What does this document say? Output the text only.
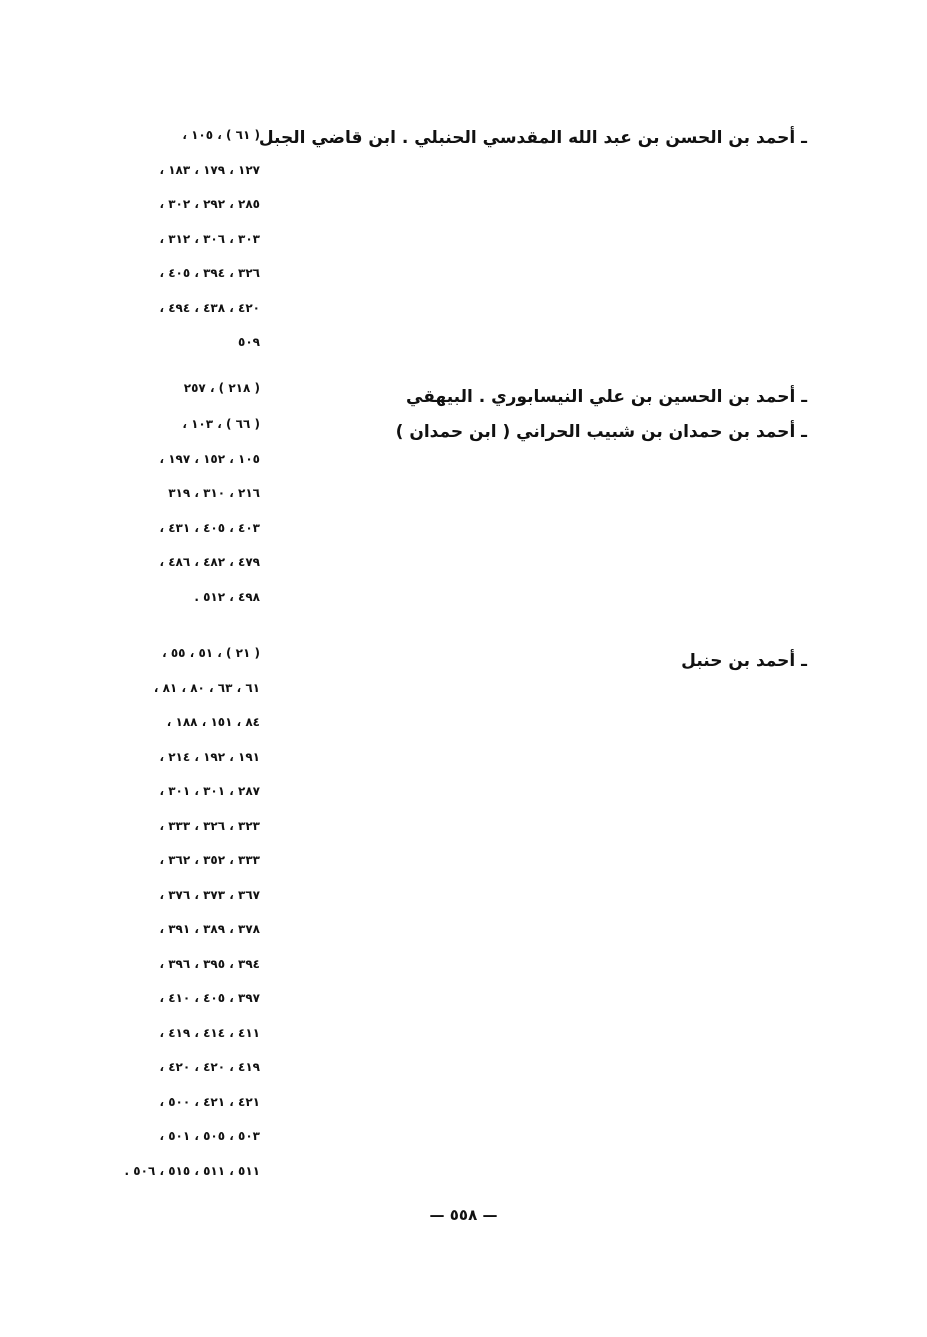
ـ أحمد بن الحسن بن عبد الله المقدسي الحنبلي . ابن قاضي الجبل
( ٦١ ) ، ١٠٥ ،
١٢٧ ، ١٧٩ ، ١٨٣ ،
٢٨٥ ، ٢٩٢ ، ٣٠٢ ،
٣٠٣ ، ٣٠٦ ، ٣١٢ ،
٣٢٦ ، ٣٩٤ ، ٤٠٥ ،
٤٢٠ ، ٤٣٨ ، ٤٩٤ ،
٥٠٩
ـ أحمد بن الحسين بن علي النيسابوري . البيهقي
( ٢١٨ ) ، ٢٥٧
ـ أحمد بن حمدان بن شبيب الحراني ( ابن حمدان )
( ٦٦ ) ، ١٠٣ ،
١٠٥ ، ١٥٢ ، ١٩٧ ،
٢١٦ ، ٣١٠ ، ٣١٩
٤٠٣ ، ٤٠٥ ، ٤٣١ ،
٤٧٩ ، ٤٨٢ ، ٤٨٦ ،
٤٩٨ ، ٥١٢ .
ـ أحمد بن حنبل
( ٢١ ) ، ٥١ ، ٥٥ ،
٦١ ، ٦٣ ، ٨٠ ، ٨١ ،
٨٤ ، ١٥١ ، ١٨٨ ،
١٩١ ، ١٩٢ ، ٢١٤ ،
٢٨٧ ، ٣٠١ ، ٣٠١ ،
٣٢٣ ، ٣٢٦ ، ٣٣٣ ،
٣٣٣ ، ٣٥٢ ، ٣٦٢ ،
٣٦٧ ، ٣٧٣ ، ٣٧٦ ،
٣٧٨ ، ٣٨٩ ، ٣٩١ ،
٣٩٤ ، ٣٩٥ ، ٣٩٦ ،
٣٩٧ ، ٤٠٥ ، ٤١٠ ،
٤١١ ، ٤١٤ ، ٤١٩ ،
٤١٩ ، ٤٢٠ ، ٤٢٠ ،
٤٢١ ، ٤٢١ ، ٥٠٠ ،
٥٠٣ ، ٥٠٥ ، ٥٠١ ،
٥١١ ، ٥١١ ، ٥١٥ ، ٥٠٦ .
— ٥٥٨ —
